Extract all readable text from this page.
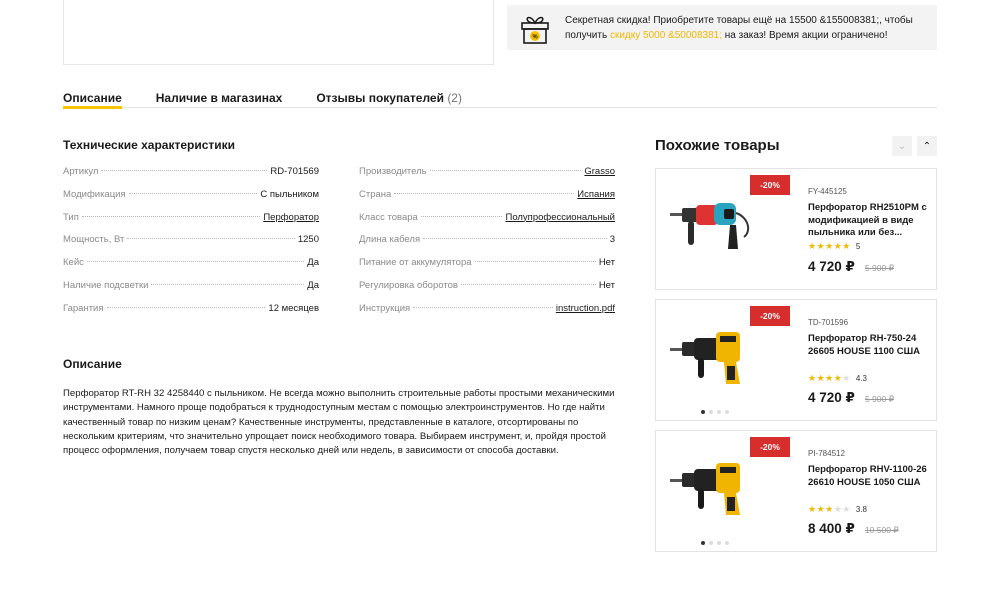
%
Секретная скидка! Приобретите товары ещё на 15500 &155008381;, чтобы
получить скидку 5000 &50008381; на заказ! Время акции ограничено!
Описание	Наличие в магазинах	Отзывы покупателей (2)
Технические характеристики
Артикул	RD-701569
Модификация	С пыльником
Тип	Перфоратор
Мощность, Вт	1250
Кейс	Да
Наличие подсветки	Да
Гарантия	12 месяцев
Производитель	Grasso
Страна	Испания
Класс товара	Полупрофессиональный
Длина кабеля	3
Питание от аккумулятора	Нет
Регулировка оборотов	Нет
Инструкция	instruction.pdf
Описание
Перфоратор RT-RH 32 4258440 с пыльником. Не всегда можно выполнить строительные работы простыми механическими инструментами. Намного проще подобраться к труднодоступным местам с помощью электроинструментов. Но где найти качественный товар по низким ценам? Качественные инструменты, представленные в каталоге, отсортированы по нескольким критериям, что значительно упрощает поиск необходимого товара. Выбираем инструмент, и, пройдя простой процесс оформления, получаем товар спустя несколько дней или недель, в зависимости от способа доставки.
Похожие товары	⌄ ⌃
-20%
FY-445125
Перфоратор RH2510PM с модификацией в виде пыльника или без...
★★★★★ 5
4 720 ₽ 5 900 ₽
-20%
TD-701596
Перфоратор RH-750-24 26605 HOUSE 1100 США
★★★★★ 4.3
4 720 ₽ 5 900 ₽
-20%
PI-784512
Перфоратор RHV-1100-26 26610 HOUSE 1050 США
★★★★★ 3.8
8 400 ₽ 10 500 ₽
